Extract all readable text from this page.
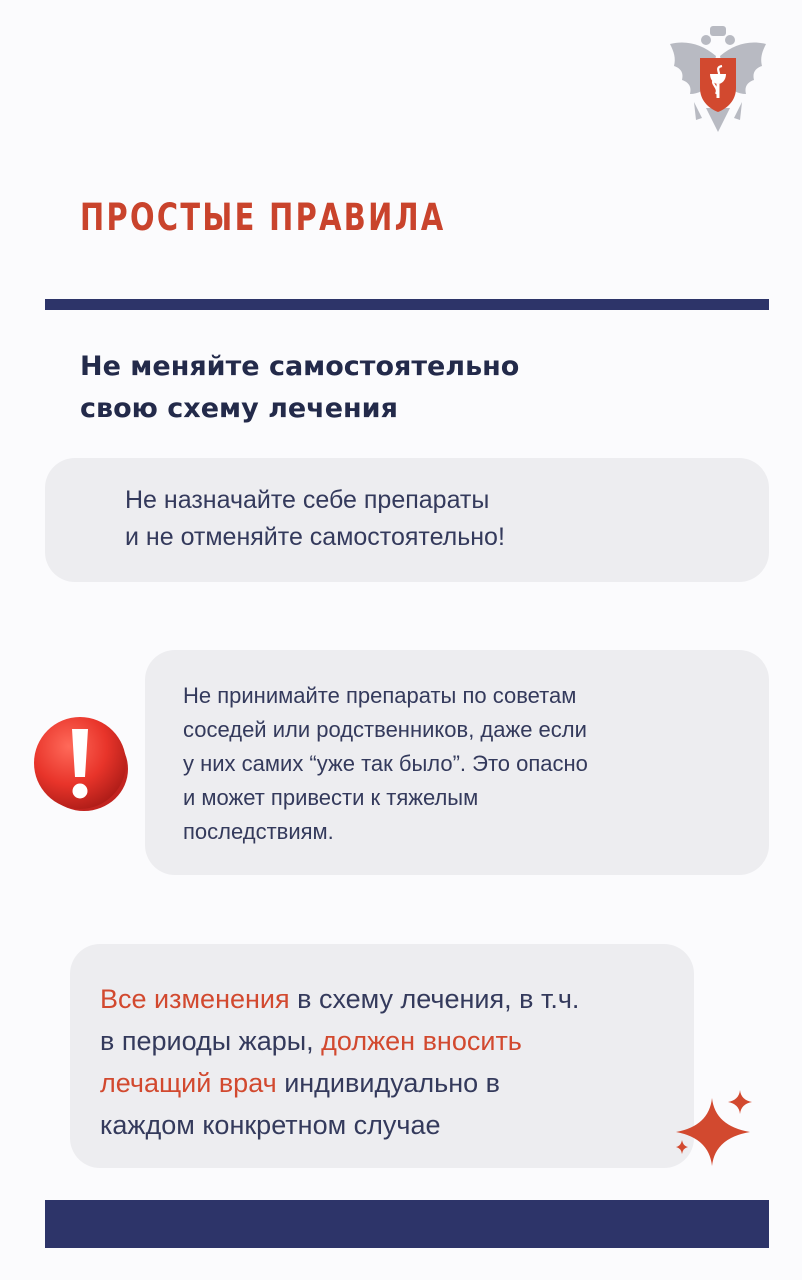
ПРОСТЫЕ ПРАВИЛА
Не меняйте самостоятельно
свою схему лечения

Не назначайте себе препараты

и не отменяйте самостоятельно!

Не принимайте препараты по советам

соседей или родственников, даже если

у них самих “уже так было”. Это опасно

и может привести к тяжелым

последствиям.

Все изменения в схему лечения, в т.ч.

в периоды жары, должен вносить

лечащий врач индивидуально в

каждом конкретном случае
